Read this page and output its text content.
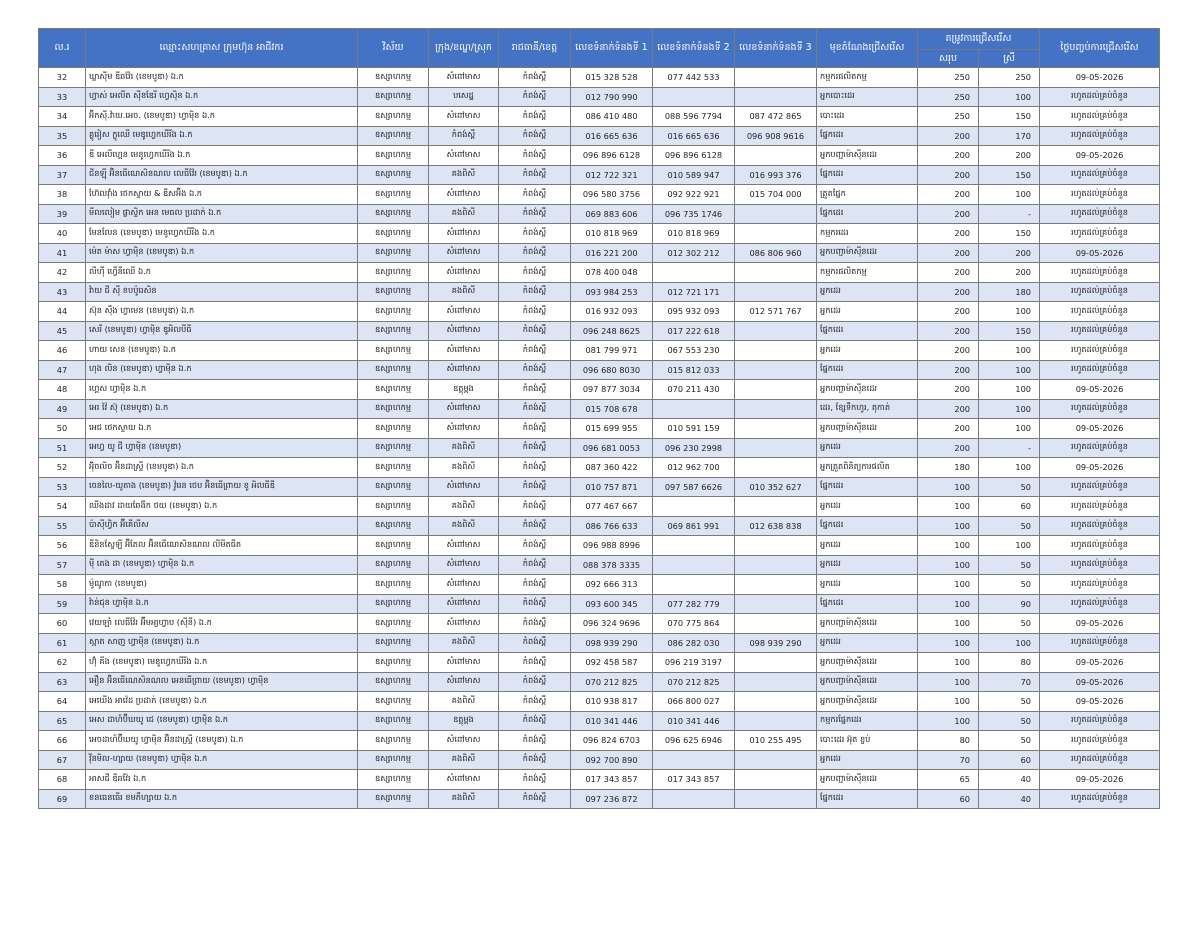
ល.រ	ឈ្មោះសហគ្រាស ក្រុមហ៊ុន អាជីវករ	វិស័យ	ក្រុង/ខណ្ឌ/ស្រុក	រាជធានី/ខេត្ត	លេខទំនាក់ទំនងទី 1	លេខទំនាក់ទំនងទី 2	លេខទំនាក់ទំនងទី 3	មុខតំណែងជ្រើសរើស	តម្រូវការជ្រើសរើស		ថ្ងៃបញ្ចប់ការជ្រើសរើស
									សរុប	ស្រី	
32	ឃ្លាសុីម ឌីឆវ៉ែរ (ខេមបូឌា) ឯ.ក	ឧស្សាហកម្ម	សំពៅមាស	កំពង់ស្ពឺ	015 328 528	077 442 533		កម្មករផលិតកម្ម	250	250	09-05-2026
33	ហ្វាស់ អេលីត ស៊ីនឌែរី ហ្វេស៊ិន ឯ.ក	ឧស្សាហកម្ម	បសេដ្ឋ	កំពង់ស្ពឺ	012 790 990			អ្នកបោះដេរ	250	100	រហូតដល់គ្រប់ចំនួន
34	អ៊ិកស៊ី.វ៉ាយ.អេច. (ខេមបូឌា) ហ្វាម៉ិន ឯ.ក	ឧស្សាហកម្ម	សំពៅមាស	កំពង់ស្ពឺ	086 410 480	088 596 7794	087 472 865	បោះដេរ	250	150	រហូតដល់គ្រប់ចំនួន
35	គ្លូរៀស ក្លូឈើ មេឌូហ្វេកឃីរីង ឯ.ក	ឧស្សាហកម្ម	កំពង់ស្ពឺ	កំពង់ស្ពឺ	016 665 636	016 665 636	096 908 9616	ផ្នែកដេរ	200	170	រហូតដល់គ្រប់ចំនួន
36	ឌី អេលីហ្គេន មេនូហ្វេកឃីរីង ឯ.ក	ឧស្សាហកម្ម	សំពៅមាស	កំពង់ស្ពឺ	096 896 6128	096 896 6128		អ្នកបញ្ជាម៉ាស៊ីនដេរ	200	200	09-05-2026
37	ជីនឡុី អ៊ិនធើណេសិនណល លេធីវ៉ែរ (ខេមបូឌា) ឯ.ក	ឧស្សាហកម្ម	គងពិសី	កំពង់ស្ពឺ	012 722 321	010 589 947	016 993 376	ផ្នែកដេរ	200	150	រហូតដល់គ្រប់ចំនួន
38	ហ៊ែលវ៉ាំង ថេកស្ទាយ & ឌីសអ៊ីង ឯ.ក	ឧស្សាហកម្ម	សំពៅមាស	កំពង់ស្ពឺ	096 580 3756	092 922 921	015 704 000	ត្រួតផ្នែក	200	100	រហូតដល់គ្រប់ចំនួន
39	មីលលៀម ផ្លាស្ទិក អេន មេធល ប្រដាក់ ឯ.ក	ឧស្សាហកម្ម	គងពិសី	កំពង់ស្ពឺ	069 883 606	096 735 1746		ផ្នែកដេរ	200	-	រហូតដល់គ្រប់ចំនួន
40	មែនលែន (ខេមបូឌា) មេនូហ្វេកឃីរីង ឯ.ក	ឧស្សាហកម្ម	សំពៅមាស	កំពង់ស្ពឺ	010 818 969	010 818 969		កម្មករដេរ	200	150	រហូតដល់គ្រប់ចំនួន
41	ម៉េត ម៉ាស ហ្វាម៉ិន (ខេមបូឌា) ឯ.ក	ឧស្សាហកម្ម	សំពៅមាស	កំពង់ស្ពឺ	016 221 200	012 302 212	086 806 960	អ្នកបញ្ជាម៉ាស៊ីនដេរ	200	200	09-05-2026
42	លីហ៊ី ហ្វើនីឈើ ឯ.ក	ឧស្សាហកម្ម	សំពៅមាស	កំពង់ស្ពឺ	078 400 048			កម្មករផលិតកម្ម	200	200	រហូតដល់គ្រប់ចំនួន
43	វ៉ាយ ជី ស៊ី ខបប៉ូរេសិន	ឧស្សាហកម្ម	គងពិសី	កំពង់ស្ពឺ	093 984 253	012 721 171		អ្នកដេរ	200	180	រហូតដល់គ្រប់ចំនួន
44	ស៊ុន ស៊ឹង ហ្វាមេន (ខេមបូឌា) ឯ.ក	ឧស្សាហកម្ម	សំពៅមាស	កំពង់ស្ពឺ	016 932 093	095 932 093	012 571 767	អ្នកដេរ	200	100	រហូតដល់គ្រប់ចំនួន
45	សេរី (ខេមបូឌា) ហ្វាម៉ិន ឌូអិលបីធី	ឧស្សាហកម្ម	សំពៅមាស	កំពង់ស្ពឺ	096 248 8625	017 222 618		ផ្នែកដេរ	200	150	រហូតដល់គ្រប់ចំនួន
46	ហាយ សេន (ខេមបូឌា) ឯ.ក	ឧស្សាហកម្ម	សំពៅមាស	កំពង់ស្ពឺ	081 799 971	067 553 230		អ្នកដេរ	200	100	រហូតដល់គ្រប់ចំនួន
47	ហុង លិន (ខេមបូឌា) ហ្វាម៉ិន ឯ.ក	ឧស្សាហកម្ម	សំពៅមាស	កំពង់ស្ពឺ	096 680 8030	015 812 033		ផ្នែកដេរ	200	100	រហូតដល់គ្រប់ចំនួន
48	ហ្គេស ហ្វាម៉ិន ឯ.ក	ឧស្សាហកម្ម	ឧត្តុម្ពង	កំពង់ស្ពឺ	097 877 3034	070 211 430		អ្នកបញ្ជាម៉ាស៊ីនដេរ	200	100	09-05-2026
49	អេរ វ៉ៃ ស៊ុ (ខេមបូឌា) ឯ.ក	ឧស្សាហកម្ម	សំពៅមាស	កំពង់ស្ពឺ	015 708 678			ដេរ, ខ្សែទឹកហូរ, តុកាត់	200	100	រហូតដល់គ្រប់ចំនួន
50	អេជ ថេកស្ទាយ ឯ.ក	ឧស្សាហកម្ម	សំពៅមាស	កំពង់ស្ពឺ	015 699 955	010 591 159		អ្នកបញ្ជាម៉ាស៊ីនដេរ	200	100	09-05-2026
51	អេហ្វ យូ ជី ហ្វាម៉ិន (ខេមបូឌា)	ឧស្សាហកម្ម	គងពិសី	កំពង់ស្ពឺ	096 681 0053	096 230 2998		អ្នកដេរ	200	-	រហូតដល់គ្រប់ចំនួន
52	អ៊ុិចលិច អ៊ិនដាស្ទ្រី (ខេមបូឌា) ឯ.ក	ឧស្សាហកម្ម	គងពិសី	កំពង់ស្ពឺ	087 360 422	012 962 700		អ្នកត្រួតពិនិត្យការផលិត	180	100	09-05-2026
53	ចេនលៃ-យូតាង (ខេមបូឌា) វ៉ូរេន ថេប អ៊ិនធើព្រាយ ខូ អិលធីឌី	ឧស្សាហកម្ម	សំពៅមាស	កំពង់ស្ពឺ	010 757 871	097 587 6626	010 352 627	ផ្នែកដេរ	100	50	រហូតដល់គ្រប់ចំនួន
54	ឈីងដាវ ដាយឆែងីក ថយ (ខេមបូឌា) ឯ.ក	ឧស្សាហកម្ម	គងពិសី	កំពង់ស្ពឺ	077 467 667			អ្នកដេរ	100	60	រហូតដល់គ្រប់ចំនួន
55	ប៉ាស៊ីហ្វិក អ៊ីគើលីស	ឧស្សាហកម្ម	គងពិសី	កំពង់ស្ពឺ	086 766 633	069 861 991	012 638 838	ផ្នែកដេរ	100	50	រហូតដល់គ្រប់ចំនួន
56	ឌីនិនស្ទែឡី អ៊ីតែល អ៊ិនធើណេសិនណល លីមីតធីត	ឧស្សាហកម្ម	សំពៅមាស	កំពង់ស្ពឺ	096 988 8996			អ្នកដេរ	100	100	រហូតដល់គ្រប់ចំនួន
57	ម៉ី តេង ដា (ខេមបូឌា) ហ្វាម៉ិន ឯ.ក	ឧស្សាហកម្ម	សំពៅមាស	កំពង់ស្ពឺ	088 378 3335			អ្នកដេរ	100	50	រហូតដល់គ្រប់ចំនួន
58	ម៉ូណូកា (ខេមបូឌា)	ឧស្សាហកម្ម	សំពៅមាស	កំពង់ស្ពឺ	092 666 313			អ្នកដេរ	100	50	រហូតដល់គ្រប់ចំនួន
59	វ៉ាន់ជុន ហ្វាម៉ិន ឯ.ក	ឧស្សាហកម្ម	សំពៅមាស	កំពង់ស្ពឺ	093 600 345	077 282 779		ផ្នែកដេរ	100	90	រហូតដល់គ្រប់ចំនួន
60	វេយឡាំ លេធីវ៉ែរ អ៊ីមអ្យហ្វាប (ស៊ីនី) ឯ.ក	ឧស្សាហកម្ម	សំពៅមាស	កំពង់ស្ពឺ	096 324 9696	070 775 864		អ្នកបញ្ជាម៉ាស៊ីនដេរ	100	50	09-05-2026
61	ស្អាត សាញ ហ្វាម៉ិន (ខេមបូឌា) ឯ.ក	ឧស្សាហកម្ម	គងពិសី	កំពង់ស្ពឺ	098 939 290	086 282 030	098 939 290	អ្នកដេរ	100	100	រហូតដល់គ្រប់ចំនួន
62	ហ៊ុំ គីង (ខេមបូឌា) មេនូហ្វេកឃីរីង ឯ.ក	ឧស្សាហកម្ម	សំពៅមាស	កំពង់ស្ពឺ	092 458 587	096 219 3197		អ្នកបញ្ជាម៉ាស៊ីនដេរ	100	80	09-05-2026
63	អឿន អ៊ិនធើណេសិនណល អេនធើព្រាយ (ខេមបូឌា) ហ្វាម៉ិន	ឧស្សាហកម្ម	សំពៅមាស	កំពង់ស្ពឺ	070 212 825	070 212 825		អ្នកបញ្ជាម៉ាស៊ីនដេរ	100	70	09-05-2026
64	អេឃើង អាវ៉េដ ប្រដាក់ (ខេមបូឌា) ឯ.ក	ឧស្សាហកម្ម	គងពិសី	កំពង់ស្ពឺ	010 938 817	066 800 027		អ្នកបញ្ជាម៉ាស៊ីនដេរ	100	50	09-05-2026
65	អេស ដាហ៍ប៊ីឃយូ ជេ (ខេមបូឌា) ហ្វាម៉ិន ឯ.ក	ឧស្សាហកម្ម	ឧត្តុម្ពង	កំពង់ស្ពឺ	010 341 446	010 341 446		កម្មករផ្នែកដេរ	100	50	រហូតដល់គ្រប់ចំនួន
66	អេចដាហ៍ប៊ីឃយូ ហ្វាម៉ិន អ៊ិនដាស្ទ្រី (ខេមបូឌា) ឯ.ក	ឧស្សាហកម្ម	សំពៅមាស	កំពង់ស្ពឺ	096 824 6703	096 625 6946	010 255 495	បោះដេរ អ៊ុត ខ្ចប់	80	50	រហូតដល់គ្រប់ចំនួន
67	វ៉ីនមិល-ហ្សាយ (ខេមបូឌា) ហ្វាម៉ិន ឯ.ក	ឧស្សាហកម្ម	គងពិសី	កំពង់ស្ពឺ	092 700 890			អ្នកដេរ	70	60	រហូតដល់គ្រប់ចំនួន
68	អាសជី ឌីឆវ៉ែរ ឯ.ក	ឧស្សាហកម្ម	សំពៅមាស	កំពង់ស្ពឺ	017 343 857	017 343 857		អ្នកបញ្ជាម៉ាស៊ីនដេរ	65	40	09-05-2026
69	ខនធេនធើរ ខមភឺហ្សាយ ឯ.ក	ឧស្សាហកម្ម	គងពិសី	កំពង់ស្ពឺ	097 236 872			ផ្នែកដេរ	60	40	រហូតដល់គ្រប់ចំនួន
